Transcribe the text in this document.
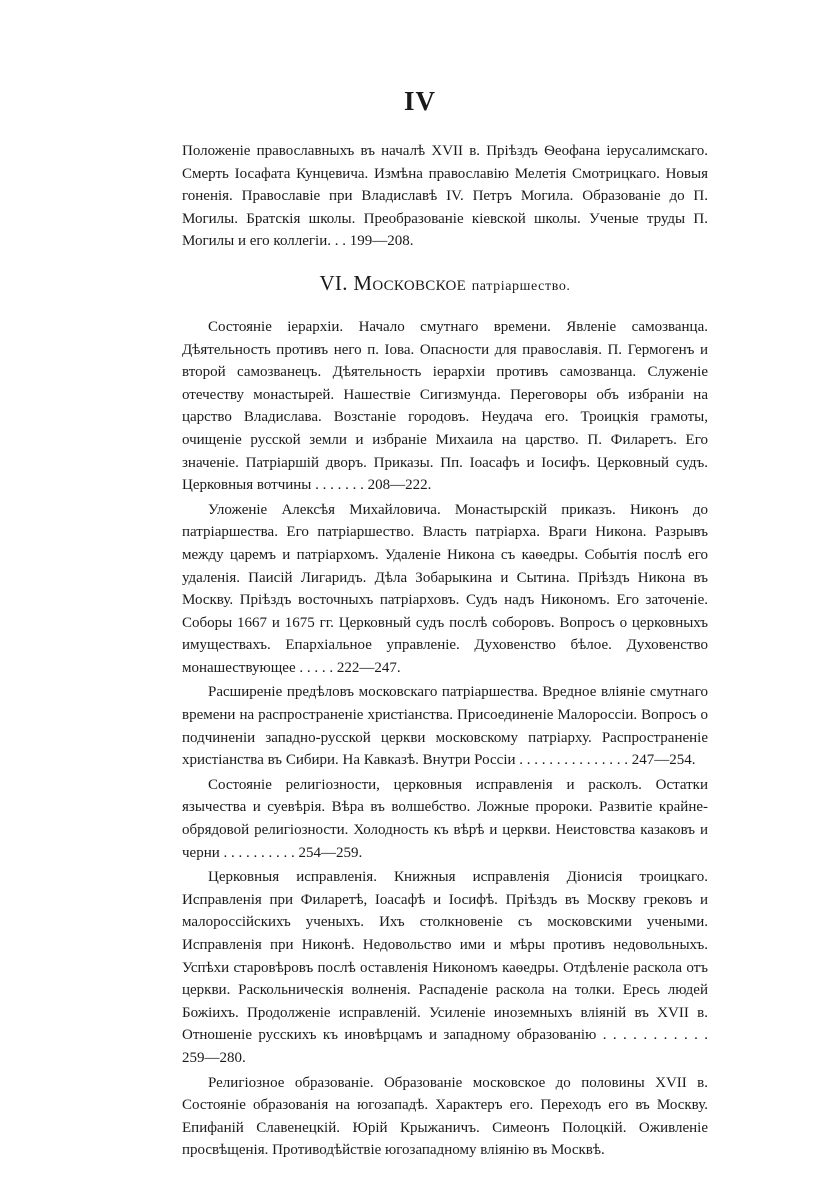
IV

Положеніе православныхъ въ началѣ XVII в. Пріѣздъ Ѳеофана іерусалимскаго. Смерть Іосафата Кунцевича. Измѣна православію Мелетія Смотрицкаго. Новыя гоненія. Православіе при Владиславѣ IV. Петръ Могила. Образованіе до П. Могилы. Братскія школы. Преобразованіе кіевской школы. Ученые труды П. Могилы и его коллегіи. . . 199—208.

VI. Московское патріаршество.

Состояніе іерархіи. Начало смутнаго времени. Явленіе самозванца. Дѣятельность противъ него п. Іова. Опасности для православія. П. Гермогенъ и второй самозванецъ. Дѣятельность іерархіи противъ самозванца. Служеніе отечеству монастырей. Нашествіе Сигизмунда. Переговоры объ избраніи на царство Владислава. Возстаніе городовъ. Неудача его. Троицкія грамоты, очищеніе русской земли и избраніе Михаила на царство. П. Филаретъ. Его значеніе. Патріаршій дворъ. Приказы. Пп. Іоасафъ и Іосифъ. Церковный судъ. Церковныя вотчины . . . . . . . 208—222.

Уложеніе Алексѣя Михайловича. Монастырскій приказъ. Никонъ до патріаршества. Его патріаршество. Власть патріарха. Враги Никона. Разрывъ между царемъ и патріархомъ. Удаленіе Никона съ каѳедры. Событія послѣ его удаленія. Паисій Лигаридъ. Дѣла Зобарыкина и Сытина. Пріѣздъ Никона въ Москву. Пріѣздъ восточныхъ патріарховъ. Судъ надъ Никономъ. Его заточеніе. Соборы 1667 и 1675 гг. Церковный судъ послѣ соборовъ. Вопросъ о церковныхъ имуществахъ. Епархіальное управленіе. Духовенство бѣлое. Духовенство монашествующее . . . . . 222—247.

Расширеніе предѣловъ московскаго патріаршества. Вредное вліяніе смутнаго времени на распространеніе христіанства. Присоединеніе Малороссіи. Вопросъ о подчиненіи западно-русской церкви московскому патріарху. Распространеніе христіанства въ Сибири. На Кавказѣ. Внутри Россіи . . . . . . . . . . . . . . . 247—254.

Состояніе религіозности, церковныя исправленія и расколъ. Остатки язычества и суевѣрія. Вѣра въ волшебство. Ложные пророки. Развитіе крайне-обрядовой религіозности. Холодность къ вѣрѣ и церкви. Неистовства казаковъ и черни . . . . . . . . . . 254—259.

Церковныя исправленія. Книжныя исправленія Діонисія троицкаго. Исправленія при Филаретѣ, Іоасафѣ и Іосифѣ. Пріѣздъ въ Москву грековъ и малороссійскихъ ученыхъ. Ихъ столкновеніе съ московскими учеными. Исправленія при Никонѣ. Недовольство ими и мѣры противъ недовольныхъ. Успѣхи старовѣровъ послѣ оставленія Никономъ каѳедры. Отдѣленіе раскола отъ церкви. Раскольническія волненія. Распаденіе раскола на толки. Ересь людей Божіихъ. Продолженіе исправленій. Усиленіе иноземныхъ вліяній въ XVII в. Отношеніе русскихъ къ иновѣрцамъ и западному образованію . . . . . . . . . . . 259—280.

Религіозное образованіе. Образованіе московское до половины XVII в. Состояніе образованія на югозападѣ. Характеръ его. Переходъ его въ Москву. Епифаній Славенецкій. Юрій Крыжаничъ. Симеонъ Полоцкій. Оживленіе просвѣщенія. Противодѣйствіе югозападному вліянію въ Москвѣ.
